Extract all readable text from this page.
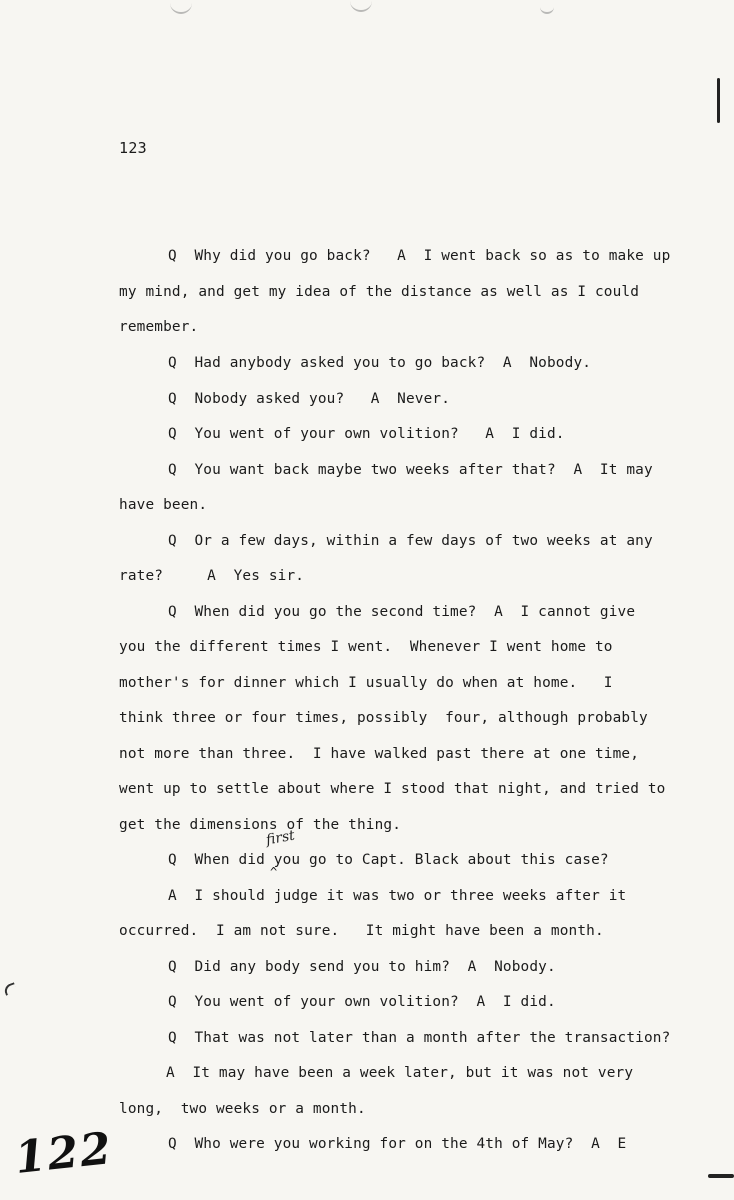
123
Q  Why did you go back?   A  I went back so as to make up
my mind, and get my idea of the distance as well as I could
remember.
Q  Had anybody asked you to go back?  A  Nobody.
Q  Nobody asked you?   A  Never.
Q  You went of your own volition?   A  I did.
Q  You want back maybe two weeks after that?  A  It may
have been.
Q  Or a few days, within a few days of two weeks at any
rate?     A  Yes sir.
Q  When did you go the second time?  A  I cannot give
you the different times I went.  Whenever I went home to
mother's for dinner which I usually do when at home.   I
think three or four times, possibly  four, although probably
not more than three.  I have walked past there at one time,
went up to settle about where I stood that night, and tried to
get the dimensions of the thing.
first
^
Q  When did you go to Capt. Black about this case?
A  I should judge it was two or three weeks after it
occurred.  I am not sure.   It might have been a month.
Q  Did any body send you to him?  A  Nobody.
Q  You went of your own volition?  A  I did.
Q  That was not later than a month after the transaction?
A  It may have been a week later, but it was not very
long,  two weeks or a month.
Q  Who were you working for on the 4th of May?  A  E
122
